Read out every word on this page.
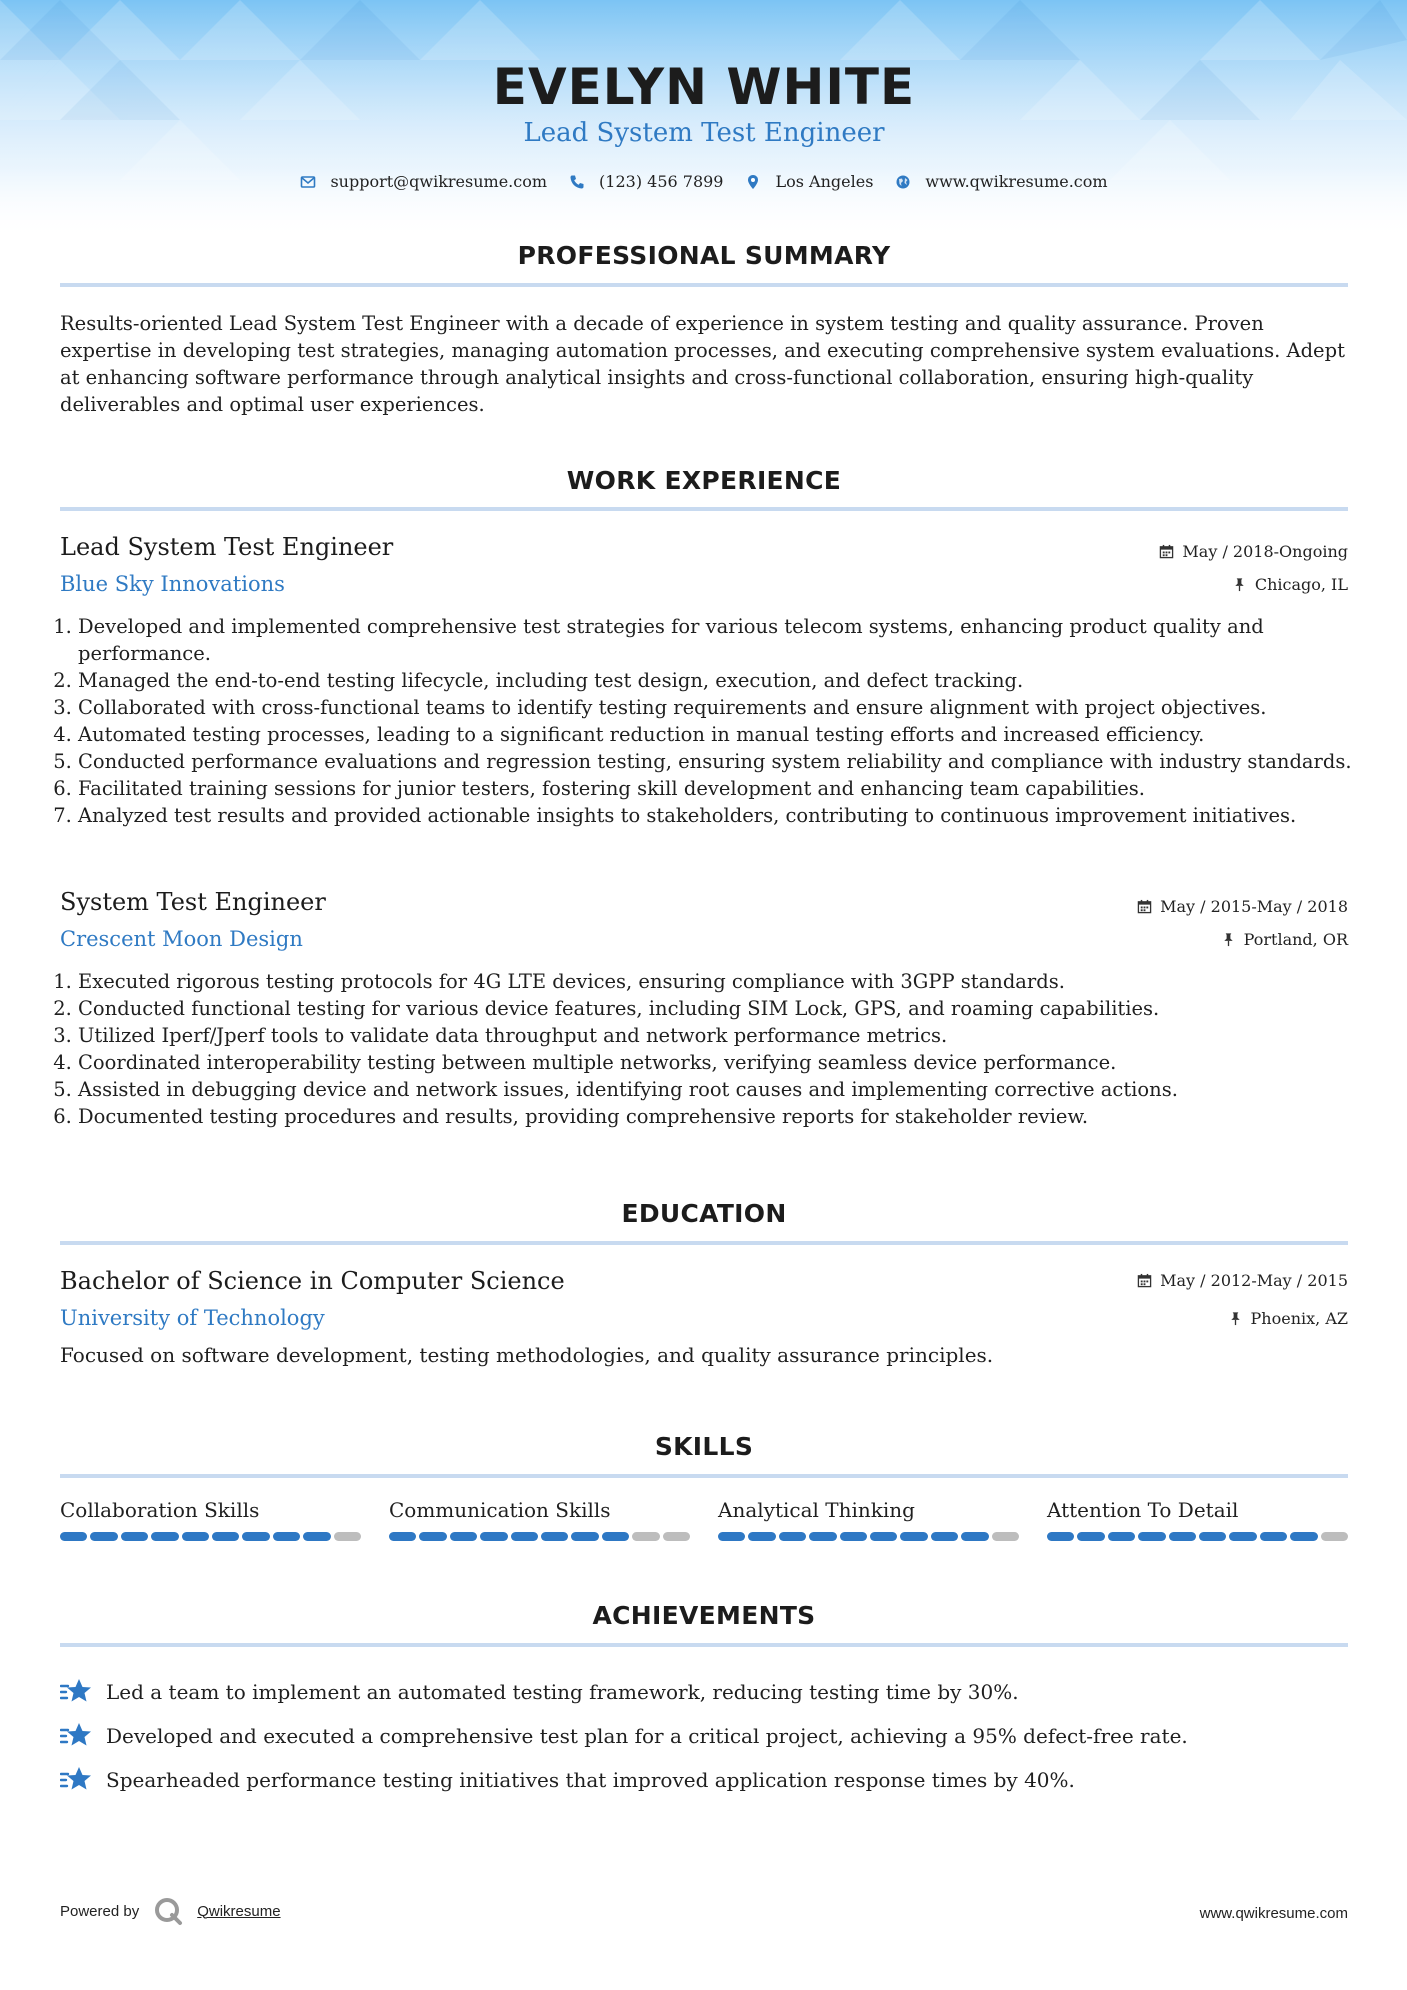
EVELYN WHITE
Lead System Test Engineer
support@qwikresume.com	(123) 456 7899	Los Angeles	www.qwikresume.com
PROFESSIONAL SUMMARY

Results-oriented Lead System Test Engineer with a decade of experience in system testing and quality assurance. Proven expertise in developing test strategies, managing automation processes, and executing comprehensive system evaluations. Adept at enhancing software performance through analytical insights and cross-functional collaboration, ensuring high-quality deliverables and optimal user experiences.

WORK EXPERIENCE
Lead System Test Engineer	May / 2018-Ongoing
Blue Sky Innovations	Chicago, IL
1. Developed and implemented comprehensive test strategies for various telecom systems, enhancing product quality and performance.
2. Managed the end-to-end testing lifecycle, including test design, execution, and defect tracking.
3. Collaborated with cross-functional teams to identify testing requirements and ensure alignment with project objectives.
4. Automated testing processes, leading to a significant reduction in manual testing efforts and increased efficiency.
5. Conducted performance evaluations and regression testing, ensuring system reliability and compliance with industry standards.
6. Facilitated training sessions for junior testers, fostering skill development and enhancing team capabilities.
7. Analyzed test results and provided actionable insights to stakeholders, contributing to continuous improvement initiatives.
System Test Engineer	May / 2015-May / 2018
Crescent Moon Design	Portland, OR
1. Executed rigorous testing protocols for 4G LTE devices, ensuring compliance with 3GPP standards.
2. Conducted functional testing for various device features, including SIM Lock, GPS, and roaming capabilities.
3. Utilized Iperf/Jperf tools to validate data throughput and network performance metrics.
4. Coordinated interoperability testing between multiple networks, verifying seamless device performance.
5. Assisted in debugging device and network issues, identifying root causes and implementing corrective actions.
6. Documented testing procedures and results, providing comprehensive reports for stakeholder review.
EDUCATION
Bachelor of Science in Computer Science	May / 2012-May / 2015
University of Technology	Phoenix, AZ
Focused on software development, testing methodologies, and quality assurance principles.
SKILLS
Collaboration Skills	Communication Skills	Analytical Thinking	Attention To Detail
ACHIEVEMENTS
Led a team to implement an automated testing framework, reducing testing time by 30%.
Developed and executed a comprehensive test plan for a critical project, achieving a 95% defect-free rate.
Spearheaded performance testing initiatives that improved application response times by 40%.
Powered by	Qwikresume	www.qwikresume.com
